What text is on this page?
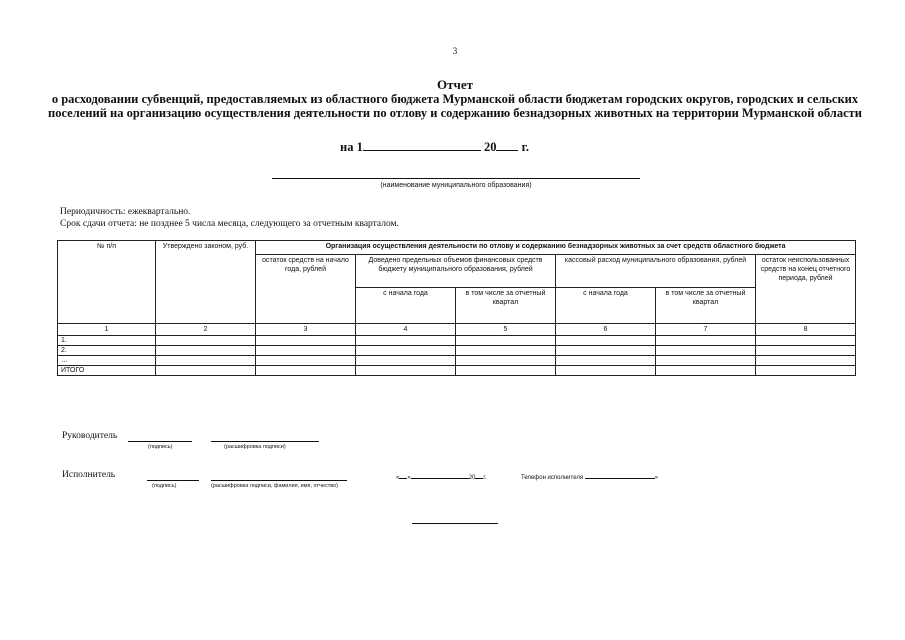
3
Отчет
о расходовании субвенций, предоставляемых из областного бюджета Мурманской области бюджетам городских округов, городских и сельских поселений на организацию осуществления деятельности по отлову и содержанию безнадзорных животных на территории Мурманской области
на 1	20 г.
(наименование муниципального образования)
Периодичность: ежеквартально.
Срок сдачи отчета: не позднее 5 числа месяца, следующего за отчетным кварталом.
№ п/п	Утверждено законом, руб.	Организация осуществления деятельности по отлову и содержанию безнадзорных животных за счет средств областного бюджета					
		остаток средств на начало года, рублей	Доведено предельных объемов финансовых средств бюджету муниципального образования, рублей		кассовый расход муниципального образования, рублей		остаток неиспользованных средств на конец отчетного периода, рублей
			с начала года	в том числе за отчетный квартал	с начала года	в том числе за отчетный квартал	
1	2	3	4	5	6	7	8
1.							
2.							
…							
ИТОГО							
Руководитель
(подпись)	(расшифровка подписи)
Исполнитель
(подпись)	(расшифровка подписи, фамилия, имя, отчество)
« »	20 г.	Телефон исполнителя	»
